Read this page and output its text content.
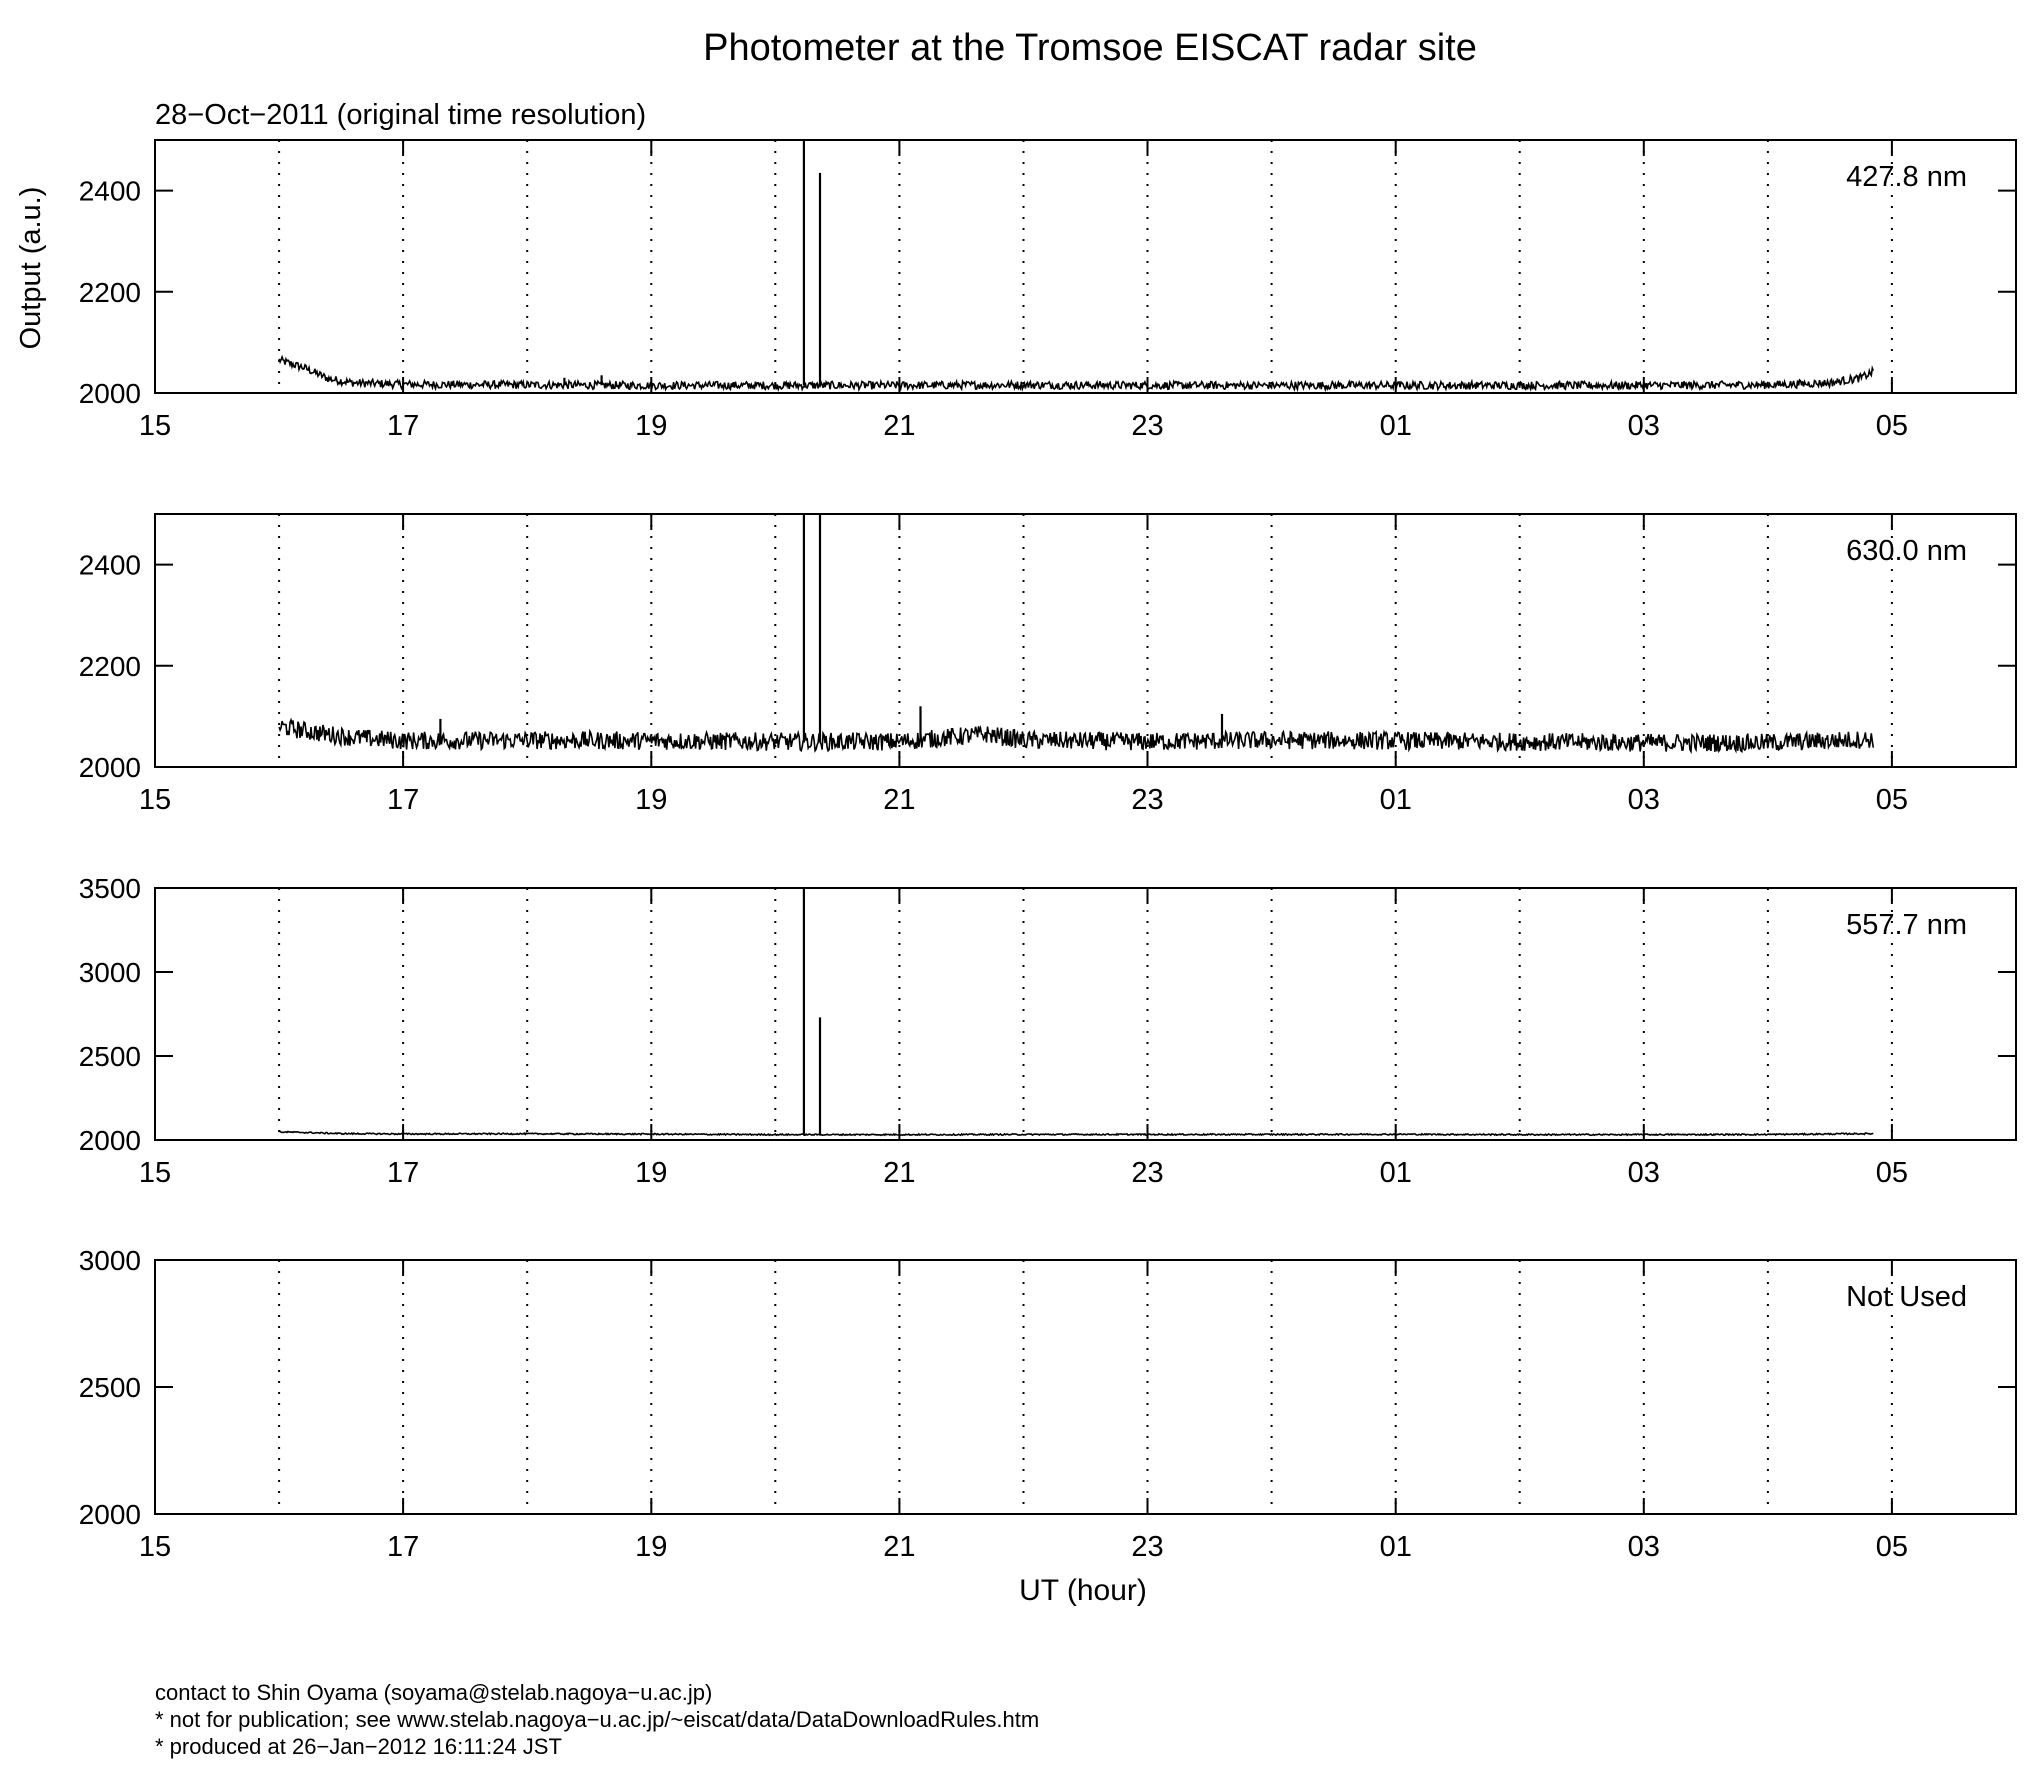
Photometer at the Tromsoe EISCAT radar site
28−Oct−2011 (original time resolution)
Output (a.u.)
UT (hour)
contact to Shin Oyama (soyama@stelab.nagoya−u.ac.jp)
* not for publication; see www.stelab.nagoya−u.ac.jp/~eiscat/data/DataDownloadRules.htm
* produced at 26−Jan−2012 16:11:24 JST
2000
2200
2400
15	17	19	21	23	01	03	05
427.8 nm
2000
2200
2400
15	17	19	21	23	01	03	05
630.0 nm
2000
2500
3000
3500
15	17	19	21	23	01	03	05
557.7 nm
2000
2500
3000
15	17	19	21	23	01	03	05
Not Used
